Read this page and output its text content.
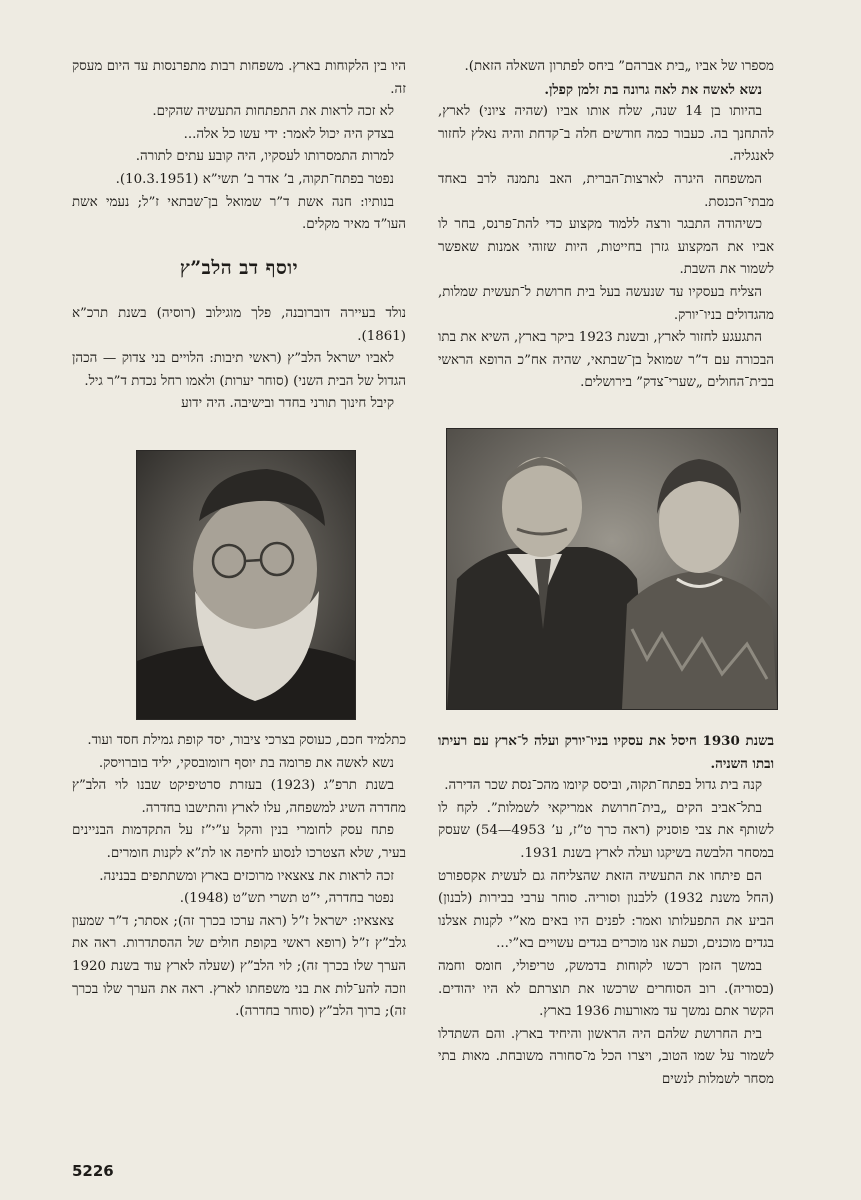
מספרו של אביו „בית אברהם” ביחס לפתרון השאלה הזאת).

נשא לאשה את לאה גרונה בת זלמן קפלן.

בהיותו בן 14 שנה, שלח אותו אביו (שהיה ציוני) לארץ, להתחנך בה. כעבור כמה חודשים חלה ב־קדחת והיה נאלץ לחזור לאנגליה.

המשפחה היגרה לארצות־הברית, האב נתמנה לרב באחד מבתי־הכנסת.

כשיהודה התבגר ורצה ללמוד מקצוע כדי להת־פרנס, בחר לו אביו את המקצוע גזרן בחייטות, היות שזוהי אמנות שאפשר לשמור את השבת.

הצליח בעסקיו עד שנעשה בעל בית חרושת ל־תעשית שמלות, מהגדולים בניו־יורק.

התגעגע לחזור לארץ, ובשנת 1923 ביקר בארץ, השיא את בתו הבכורה עם ד”ר שמואל בן־שבתאי, שהיה אח”כ הרופא הראשי בבית־החולים „שערי־צדק” בירושלים.

היו בין הלקוחות בארץ. משפחות רבות מתפרנסות עד היום מעסק זה.

לא זכה לראות את התפתחות התעשיה שהקים.

בצדק היה יכול לאמר: ידי עשו כל אלה...

למרות התמסרותו לעסקיו, היה קובע עתים לתורה.

נפטר בפתח־תקוה, ב’ אדר ב’ תשי”א (10.3.1951).

בנותיו: חנה אשת ד”ר שמואל בן־שבתאי ז”ל; נעמי אשת העו”ד מאיר מקלים.

יוסף דב הלב”ץ

נולד בעיירה דוברובנה, פלך מוגילוב (רוסיה) בשנת תרכ”א (1861).

לאביו ישראל הלב”ץ (ראשי תיבות: הלויים בני צדוק — הכהן הגדול של הבית השני) (סוחר יערות) ולאמו רחל נכדת ד”ר גיל.

קיבל חינוך תורני בחדר ובישיבה. היה ידוע

בשנת 1930 חיסל את עסקיו בניו־יורק ועלה ל־ארץ עם רעיתו ובתו השניה.

קנה בית גדול בפתח־תקוה, וביסס קיומו מהכ־נסת שכר הדירה.

בתל־אביב הקים „בית־חרושת אמריקאי לשמלות”. לקח לו לשותף את צבי פוסניק (ראה כרך ט”ז, ע’ 4953—54) שעסק במסחר הלבשה בשיקגו ועלה לארץ בשנת 1931.

הם פיתחו את התעשיה הזאת שהצליחה גם לעשית אקספורט (החל משנת 1932) ללבנון וסוריה. סוחר ערבי בבירות (לבנון) הביע את התפעלותו ואמר: לפנים היו באים מא”י לקנות אצלנו בגדים מוכנים, וכעת אנו מוכרים בגדים עשויים בא”י...

במשך הזמן רכשו לקוחות בדמשק, טריפולי, חומס וחמה (בסוריה). רוב הסוחרים שרכשו את תוצרתם לא היו יהודים. הקשר אתם נמשך עד מאורעות 1936 בארץ.

בית החרושת שלהם היה הראשון והיחיד בארץ. והם השתדלו לשמור על שמו הטוב, ויצרו הכל מ־סחורה משובחת. מאות בתי מסחר לשמלות לנשים

כתלמיד חכם, כעוסק בצרכי ציבור, יסד קופת גמילת חסד ועוד.

נשא לאשה את פרומה בת יוסף רזומובסקי, יליד בוברויסק.

בשנת תרפ”ג (1923) בעזרת סרטיפיקט שבנו לוי הלב”ץ מחדרה השיג למשפחה, עלו לארץ והתישבו בחדרה.

פתח עסק לחומרי בנין והקל ע”י”ז על התקדמות הבניינים בעיר, שלא הצטרכו לנסוע לחיפה או לת”א לקנות חומרים.

זכה לראות את צאצאיו מרוכזים בארץ ומשתתפים בבנינה.

נפטר בחדרה, י”ט תשרי תש”ט (1948).

צאצאיו: ישראל ז”ל (ראה ערכו בכרך זה); אסתר; ד”ר שמעון גלב”ץ ז”ל (רופא ראשי בקופת חולים של ההסתדרות. ראה את הערך שלו בכרך זה); לוי הלב”ץ (שעלה לארץ עוד בשנת 1920 וזכה להע־לות את בני משפחתו לארץ. ראה את הערך שלו בכרך זה); ברוך הלב”ץ (סוחר בחדרה).

5226
